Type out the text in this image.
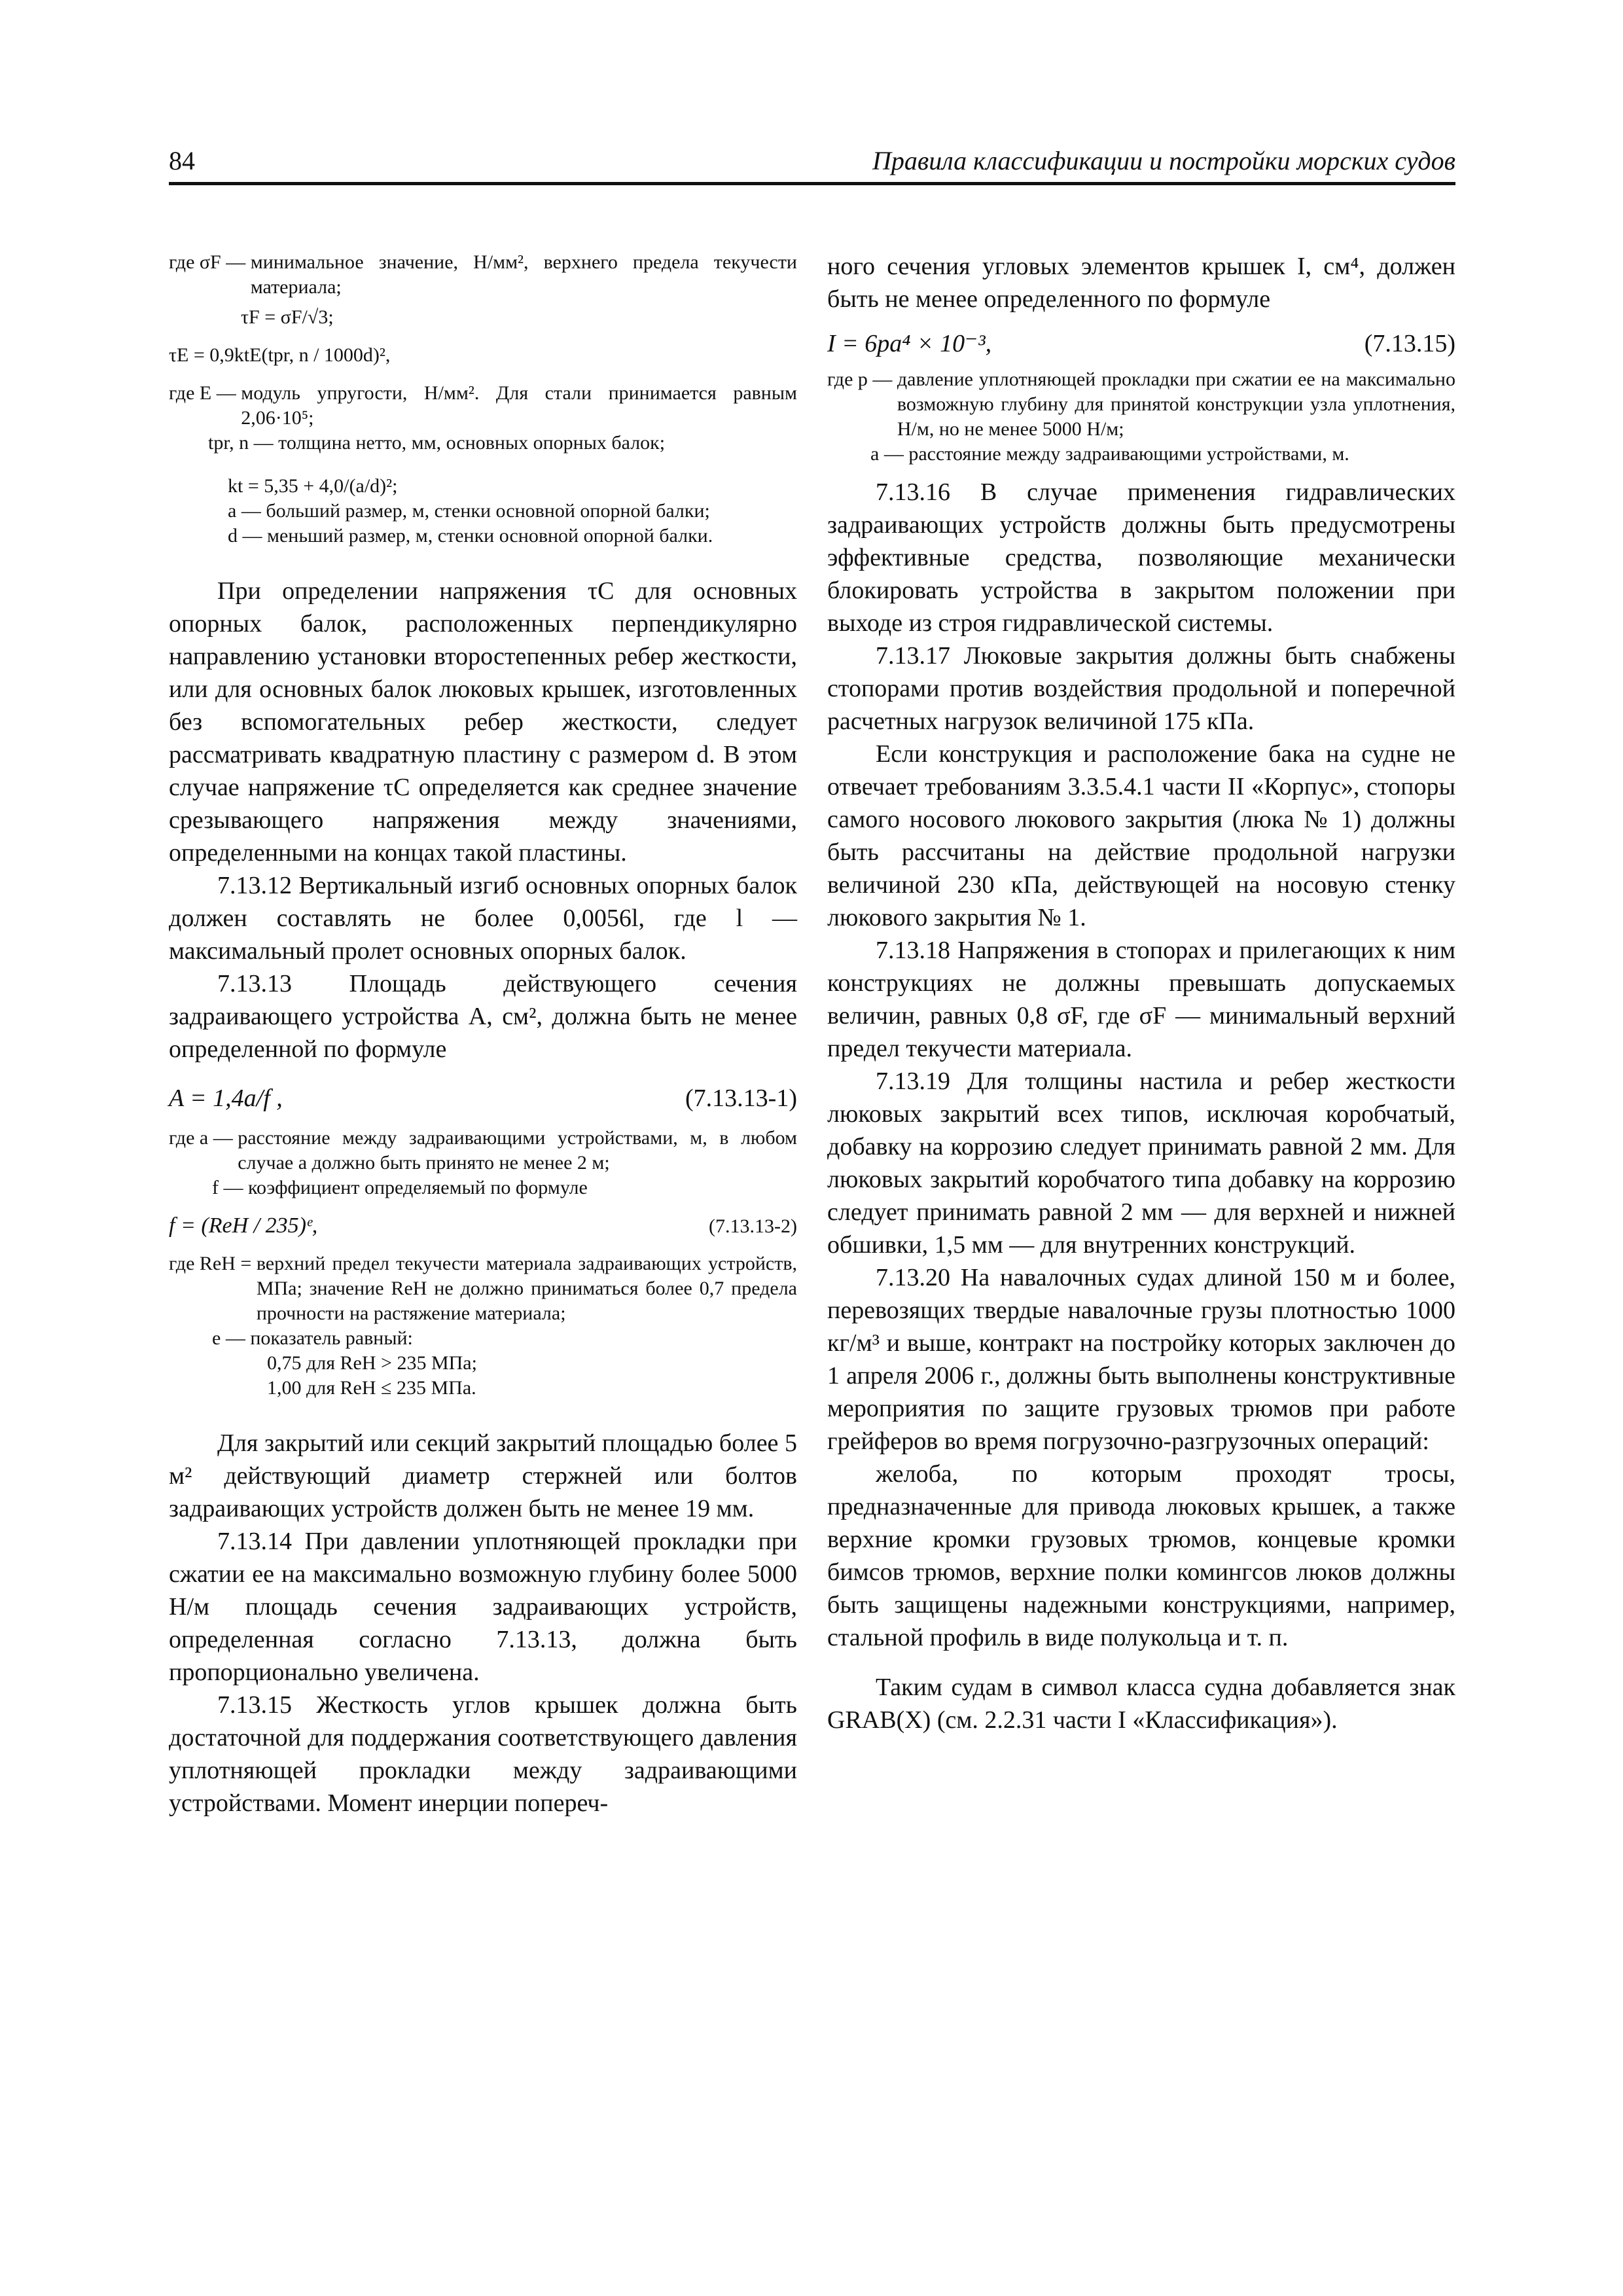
84	Правила классификации и постройки морских судов
где σF — минимальное значение, Н/мм², верхнего предела текучести материала;
τF = σF/√3;
τE = 0,9ktE(tpr, n / 1000d)²,
где E — модуль упругости, Н/мм². Для стали принимается равным 2,06·10⁵;
tpr, n — толщина нетто, мм, основных опорных балок;
kt = 5,35 + 4,0/(a/d)²;
a — больший размер, м, стенки основной опорной балки;
d — меньший размер, м, стенки основной опорной балки.

При определении напряжения τC для основных опорных балок, расположенных перпендикулярно направлению установки второстепенных ребер жесткости, или для основных балок люковых крышек, изготовленных без вспомогательных ребер жесткости, следует рассматривать квадратную пластину с размером d. В этом случае напряжение τC определяется как среднее значение срезывающего напряжения между значениями, определенными на концах такой пластины.

7.13.12 Вертикальный изгиб основных опорных балок должен составлять не более 0,0056l, где l — максимальный пролет основных опорных балок.

7.13.13 Площадь действующего сечения задраивающего устройства A, см², должна быть не менее определенной по формуле

A = 1,4a/f ,	(7.13.13-1)
где a — расстояние между задраивающими устройствами, м, в любом случае a должно быть принято не менее 2 м;
f — коэффициент определяемый по формуле
f = (ReH / 235)ᵉ,	(7.13.13-2)
где ReH = верхний предел текучести материала задраивающих устройств, МПа; значение ReH не должно приниматься более 0,7 предела прочности на растяжение материала;
e — показатель равный:
0,75 для ReH > 235 МПа;
1,00 для ReH ≤ 235 МПа.

Для закрытий или секций закрытий площадью более 5 м² действующий диаметр стержней или болтов задраивающих устройств должен быть не менее 19 мм.

7.13.14 При давлении уплотняющей прокладки при сжатии ее на максимально возможную глубину более 5000 Н/м площадь сечения задраивающих устройств, определенная согласно 7.13.13, должна быть пропорционально увеличена.

7.13.15 Жесткость углов крышек должна быть достаточной для поддержания соответствующего давления уплотняющей прокладки между задраивающими устройствами. Момент инерции попереч-

ного сечения угловых элементов крышек I, см⁴, должен быть не менее определенного по формуле

I = 6pa⁴ × 10⁻³,	(7.13.15)
где p — давление уплотняющей прокладки при сжатии ее на максимально возможную глубину для принятой конструкции узла уплотнения, Н/м, но не менее 5000 Н/м;
a — расстояние между задраивающими устройствами, м.

7.13.16 В случае применения гидравлических задраивающих устройств должны быть предусмотрены эффективные средства, позволяющие механически блокировать устройства в закрытом положении при выходе из строя гидравлической системы.

7.13.17 Люковые закрытия должны быть снабжены стопорами против воздействия продольной и поперечной расчетных нагрузок величиной 175 кПа.

Если конструкция и расположение бака на судне не отвечает требованиям 3.3.5.4.1 части II «Корпус», стопоры самого носового люкового закрытия (люка № 1) должны быть рассчитаны на действие продольной нагрузки величиной 230 кПа, действующей на носовую стенку люкового закрытия № 1.

7.13.18 Напряжения в стопорах и прилегающих к ним конструкциях не должны превышать допускаемых величин, равных 0,8 σF, где σF — минимальный верхний предел текучести материала.

7.13.19 Для толщины настила и ребер жесткости люковых закрытий всех типов, исключая коробчатый, добавку на коррозию следует принимать равной 2 мм. Для люковых закрытий коробчатого типа добавку на коррозию следует принимать равной 2 мм — для верхней и нижней обшивки, 1,5 мм — для внутренних конструкций.

7.13.20 На навалочных судах длиной 150 м и более, перевозящих твердые навалочные грузы плотностью 1000 кг/м³ и выше, контракт на постройку которых заключен до 1 апреля 2006 г., должны быть выполнены конструктивные мероприятия по защите грузовых трюмов при работе грейферов во время погрузочно-разгрузочных операций:

желоба, по которым проходят тросы, предназначенные для привода люковых крышек, а также верхние кромки грузовых трюмов, концевые кромки бимсов трюмов, верхние полки комингсов люков должны быть защищены надежными конструкциями, например, стальной профиль в виде полукольца и т. п.

Таким судам в символ класса судна добавляется знак GRAB(X) (см. 2.2.31 части I «Классификация»).
